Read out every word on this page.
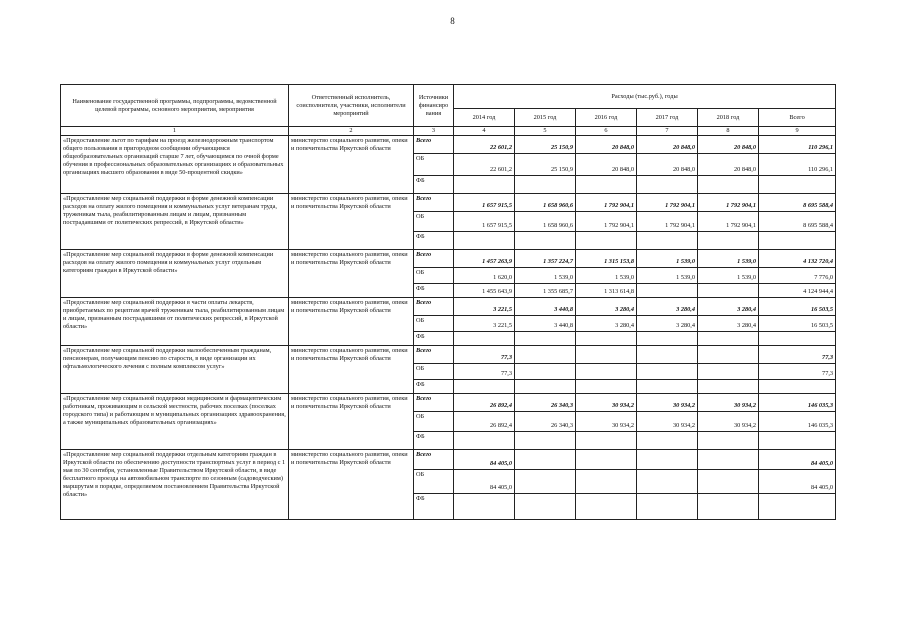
8
Наименование государственной программы, подпрограммы, ведомственной целевой программы, основного мероприятия, мероприятия	Ответственный исполнитель, соисполнители, участники, исполнители мероприятий	Источники финансиро вания	Расходы (тыс.руб.), годы					
			2014 год	2015 год	2016 год	2017 год	2018 год	Всего
1	2	3	4	5	6	7	8	9
«Предоставление льгот по тарифам на проезд железнодорожным транспортом общего пользования в пригородном сообщении обучающимся общеобразовательных организаций старше 7 лет, обучающимся по очной форме обучения в профессиональных образовательных организациях и образовательных организациях высшего образования в виде 50-процентной скидки»	министерство социального развития, опеки и попечительства Иркутской области	Всего	22 601,2	25 150,9	20 848,0	20 848,0	20 848,0	110 296,1
		ОБ	22 601,2	25 150,9	20 848,0	20 848,0	20 848,0	110 296,1
		ФБ						
«Предоставление мер социальной поддержки в форме денежной компенсации расходов на оплату жилого помещения и коммунальных услуг ветеранам труда, труженикам тыла, реабилитированным лицам и лицам, признанным пострадавшими от политических репрессий, в Иркутской области»	министерство социального развития, опеки и попечительства Иркутской области	Всего	1 657 915,5	1 658 960,6	1 792 904,1	1 792 904,1	1 792 904,1	8 695 588,4
		ОБ	1 657 915,5	1 658 960,6	1 792 904,1	1 792 904,1	1 792 904,1	8 695 588,4
		ФБ						
«Предоставление мер социальной поддержки в форме денежной компенсации расходов на оплату жилого помещения и коммунальных услуг отдельным категориям граждан в Иркутской области»	министерство социального развития, опеки и попечительства Иркутской области	Всего	1 457 263,9	1 357 224,7	1 315 153,8	1 539,0	1 539,0	4 132 720,4
		ОБ	1 620,0	1 539,0	1 539,0	1 539,0	1 539,0	7 776,0
		ФБ	1 455 643,9	1 355 685,7	1 313 614,8			4 124 944,4
«Предоставление мер социальной поддержки в части оплаты лекарств, приобретаемых по рецептам врачей труженикам тыла, реабилитированным лицам и лицам, признанным пострадавшими от политических репрессий, в Иркутской области»	министерство социального развития, опеки и попечительства Иркутской области	Всего	3 221,5	3 440,8	3 280,4	3 280,4	3 280,4	16 503,5
		ОБ	3 221,5	3 440,8	3 280,4	3 280,4	3 280,4	16 503,5
		ФБ						
«Предоставление мер социальной поддержки малообеспеченным гражданам, пенсионерам, получающим пенсию по старости, в виде организации их офтальмологического лечения с полным комплексом услуг»	министерство социального развития, опеки и попечительства Иркутской области	Всего	77,3					77,3
		ОБ	77,3					77,3
		ФБ						
«Предоставление мер социальной поддержки медицинским и фармацевтическим работникам, проживающим в сельской местности, рабочих поселках (поселках городского типа) и работающим в муниципальных организациях здравоохранения, а также муниципальных образовательных организациях»	министерство социального развития, опеки и попечительства Иркутской области	Всего	26 892,4	26 340,3	30 934,2	30 934,2	30 934,2	146 035,3
		ОБ	26 892,4	26 340,3	30 934,2	30 934,2	30 934,2	146 035,3
		ФБ						
«Предоставление мер социальной поддержки отдельным категориям граждан в Иркутской области по обеспечению доступности транспортных услуг в период с 1 мая по 30 сентября, установленные Правительством Иркутской области, в виде бесплатного проезда на автомобильном транспорте по сезонным (садоводческим) маршрутам в порядке, определяемом постановлением Правительства Иркутской области»	министерство социального развития, опеки и попечительства Иркутской области	Всего	84 405,0					84 405,0
		ОБ	84 405,0					84 405,0
		ФБ						
